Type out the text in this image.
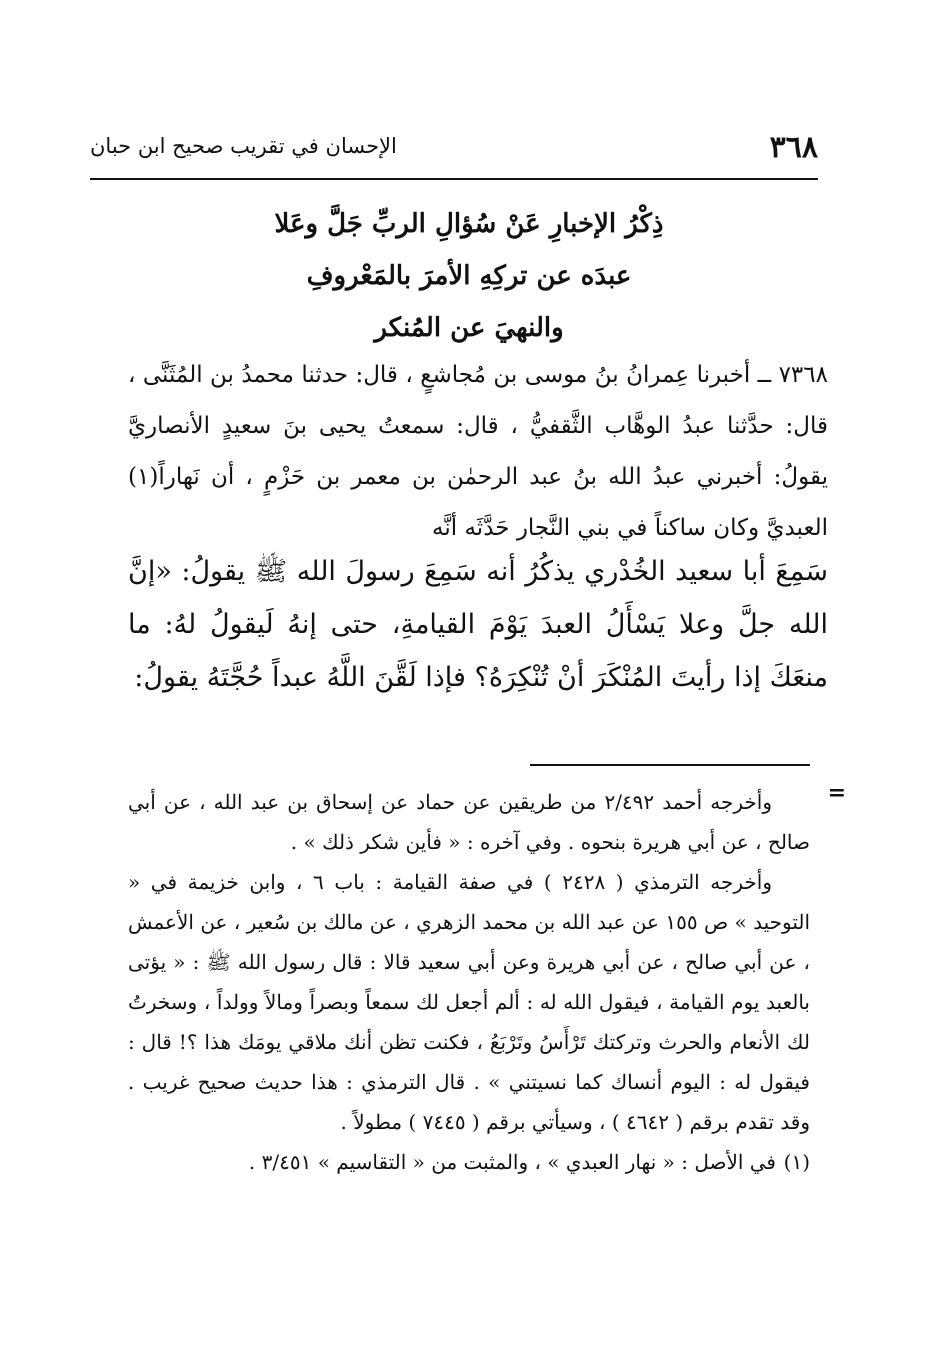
٣٦٨
الإحسان في تقريب صحيح ابن حبان
ذِكْرُ الإخبارِ عَنْ سُؤالِ الربِّ جَلَّ وعَلا
عبدَه عن تركِهِ الأمرَ بالمَعْروفِ
والنهيَ عن المُنكر

٧٣٦٨ ــ أخبرنا عِمرانُ بنُ موسى بن مُجاشعٍ ، قال: حدثنا محمدُ بن المُثَنَّى ، قال: حدَّثنا عبدُ الوهَّاب الثَّقفيُّ ، قال: سمعتُ يحيى بنَ سعيدٍ الأنصاريَّ يقولُ: أخبرني عبدُ الله بنُ عبد الرحمٰن بن معمر بن حَزْمٍ ، أن نَهاراً(١) العبديَّ وكان ساكناً في بني النَّجار حَدَّثَه أنَّه

سَمِعَ أبا سعيد الخُدْري يذكُرُ أنه سَمِعَ رسولَ الله ﷺ يقولُ: «إنَّ الله جلَّ وعلا يَسْأَلُ العبدَ يَوْمَ القيامةِ، حتى إنهُ لَيقولُ لهُ: ما منعَكَ إذا رأيتَ المُنْكَرَ أنْ تُنْكِرَهُ؟ فإذا لَقَّنَ اللَّهُ عبداً حُجَّتَهُ يقولُ:

=

وأخرجه أحمد ٢/٤٩٢ من طريقين عن حماد عن إسحاق بن عبد الله ، عن أبي صالح ، عن أبي هريرة بنحوه . وفي آخره : « فأين شكر ذلك » .

وأخرجه الترمذي ( ٢٤٢٨ ) في صفة القيامة : باب ٦ ، وابن خزيمة في « التوحيد » ص ١٥٥ عن عبد الله بن محمد الزهري ، عن مالك بن سُعير ، عن الأعمش ، عن أبي صالح ، عن أبي هريرة وعن أبي سعيد قالا : قال رسول الله ﷺ : « يؤتى بالعبد يوم القيامة ، فيقول الله له : ألم أجعل لك سمعاً وبصراً ومالاً وولداً ، وسخرتُ لك الأنعام والحرث وتركتك تَرْأَسُ وتَرْبَعُ ، فكنت تظن أنك ملاقي يومَك هذا ؟! قال : فيقول له : اليوم أنساك كما نسيتني » . قال الترمذي : هذا حديث صحيح غريب . وقد تقدم برقم ( ٤٦٤٢ ) ، وسيأتي برقم ( ٧٤٤٥ ) مطولاً .

(١)في الأصل : « نهار العبدي » ، والمثبت من « التقاسيم » ٣/٤٥١ .
